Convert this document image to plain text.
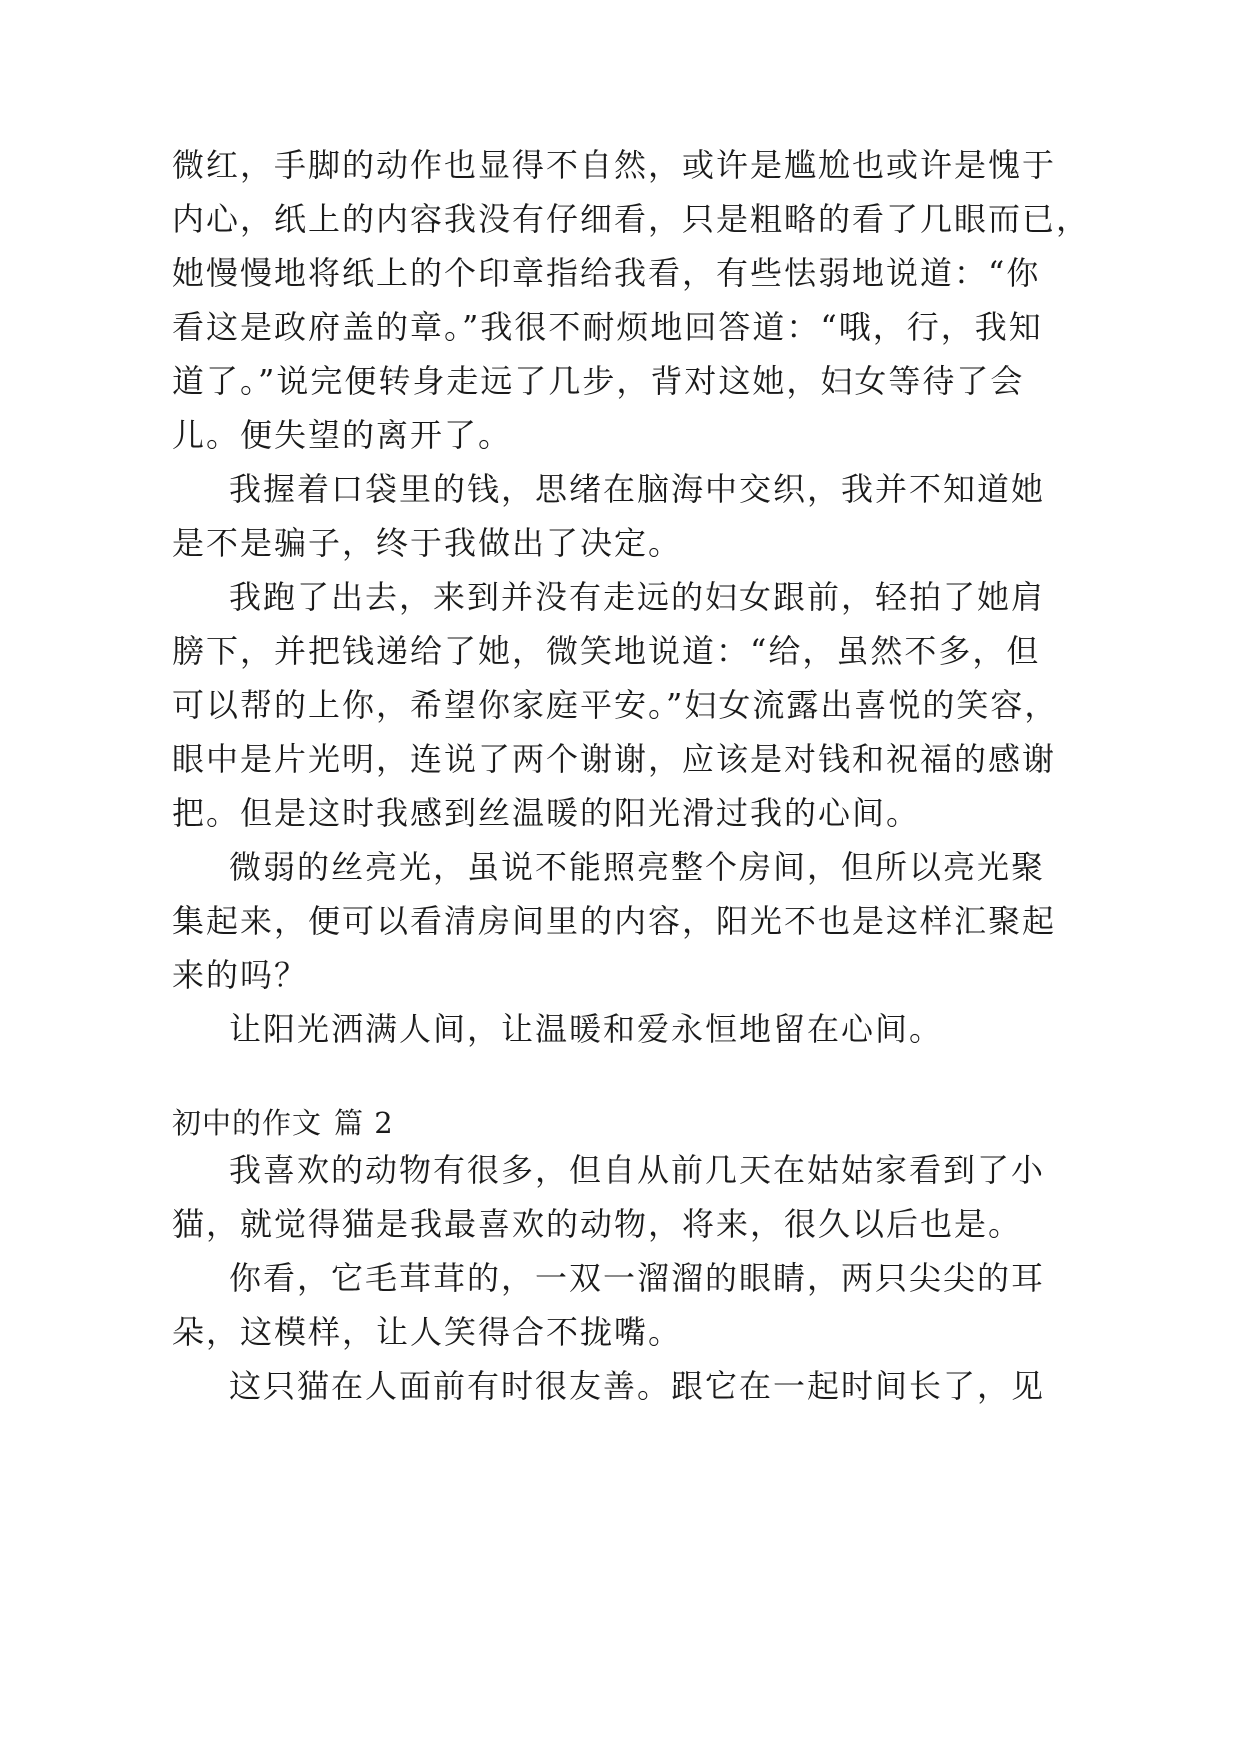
微红，手脚的动作也显得不自然，或许是尴尬也或许是愧于

内心，纸上的内容我没有仔细看，只是粗略的看了几眼而已，

她慢慢地将纸上的个印章指给我看，有些怯弱地说道：“你

看这是政府盖的章。”我很不耐烦地回答道：“哦，行，我知

道了。”说完便转身走远了几步，背对这她，妇女等待了会

儿。便失望的离开了。

我握着口袋里的钱，思绪在脑海中交织，我并不知道她

是不是骗子，终于我做出了决定。

我跑了出去，来到并没有走远的妇女跟前，轻拍了她肩

膀下，并把钱递给了她，微笑地说道：“给，虽然不多，但

可以帮的上你，希望你家庭平安。”妇女流露出喜悦的笑容，

眼中是片光明，连说了两个谢谢，应该是对钱和祝福的感谢

把。但是这时我感到丝温暖的阳光滑过我的心间。

微弱的丝亮光，虽说不能照亮整个房间，但所以亮光聚

集起来，便可以看清房间里的内容，阳光不也是这样汇聚起

来的吗？

让阳光洒满人间，让温暖和爱永恒地留在心间。

初中的作文 篇 2

我喜欢的动物有很多，但自从前几天在姑姑家看到了小

猫，就觉得猫是我最喜欢的动物，将来，很久以后也是。

你看，它毛茸茸的，一双一溜溜的眼睛，两只尖尖的耳

朵，这模样，让人笑得合不拢嘴。

这只猫在人面前有时很友善。跟它在一起时间长了，见
